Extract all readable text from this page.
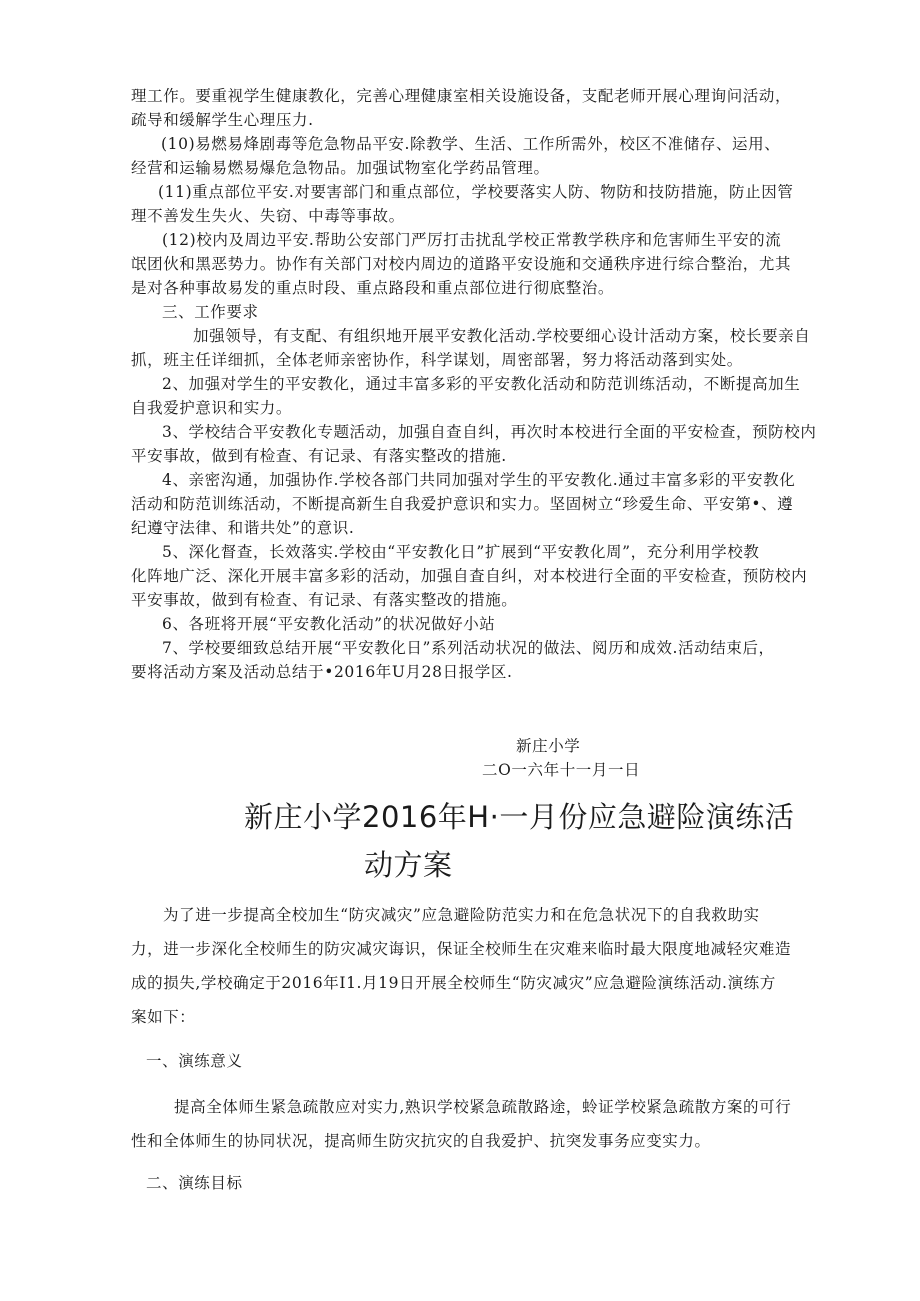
理工作。要重视学生健康教化，完善心理健康室相关设施设备，支配老师开展心理询问活动，

疏导和缓解学生心理压力.

(10)易燃易烽剧毒等危急物品平安.除教学、生活、工作所需外，校区不准储存、运用、

经营和运输易燃易爆危急物品。加强试物室化学药品管理。

(11)重点部位平安.对要害部门和重点部位，学校要落实人防、物防和技防措施，防止因管

理不善发生失火、失窃、中毒等事故。

(12)校内及周边平安.帮助公安部门严厉打击扰乱学校正常教学秩序和危害师生平安的流

氓团伙和黑恶势力。协作有关部门对校内周边的道路平安设施和交通秩序进行综合整治，尤其

是对各种事故易发的重点时段、重点路段和重点部位进行彻底整治。

三、工作要求

加强领导，有支配、有组织地开展平安教化活动.学校要细心设计活动方案，校长要亲自

抓，班主任详细抓，全体老师亲密协作，科学谋划，周密部署，努力将活动落到实处。

2、加强对学生的平安教化，通过丰富多彩的平安教化活动和防范训练活动，不断提高加生

自我爱护意识和实力。

3、学校结合平安教化专题活动，加强自查自纠，再次时本校进行全面的平安检查，预防校内

平安事故，做到有检查、有记录、有落实整改的措施.

4、亲密沟通，加强协作.学校各部门共同加强对学生的平安教化.通过丰富多彩的平安教化

活动和防范训练活动，不断提高新生自我爱护意识和实力。坚固树立“珍爱生命、平安第•、遵

纪遵守法律、和谐共处”的意识.

5、深化督查，长效落实.学校由“平安教化日”扩展到“平安教化周”，充分利用学校教

化阵地广泛、深化开展丰富多彩的活动，加强自査自纠，对本校进行全面的平安检查，预防校内

平安事故，做到有检查、有记录、有落实整改的措施。

6、各班将开展“平安教化活动”的状况做好小站

7、学校要细致总结开展“平安教化日”系列活动状况的做法、阅历和成效.活动结束后，

要将活动方案及活动总结于•2016年U月28日报学区.

新庄小学

二O一六年十一月一日

新庄小学2016年H·一月份应急避险演练活
动方案

为了进一步提高全校加生“防灾减灾”应急避险防范实力和在危急状况下的自我救助实

力，进一步深化全校师生的防灾减灾诲识，保证全校师生在灾难来临时最大限度地减轻灾难造

成的损失,学校确定于2016年I1.月19日开展全校师生“防灾减灾”应急避险演练活动.演练方

案如下：

一、演练意义

提高全体师生紧急疏散应对实力,熟识学校紧急疏散路途，蛉证学校紧急疏散方案的可行

性和全体师生的协同状况，提高师生防灾抗灾的自我爱护、抗突发事务应变实力。

二、演练目标
